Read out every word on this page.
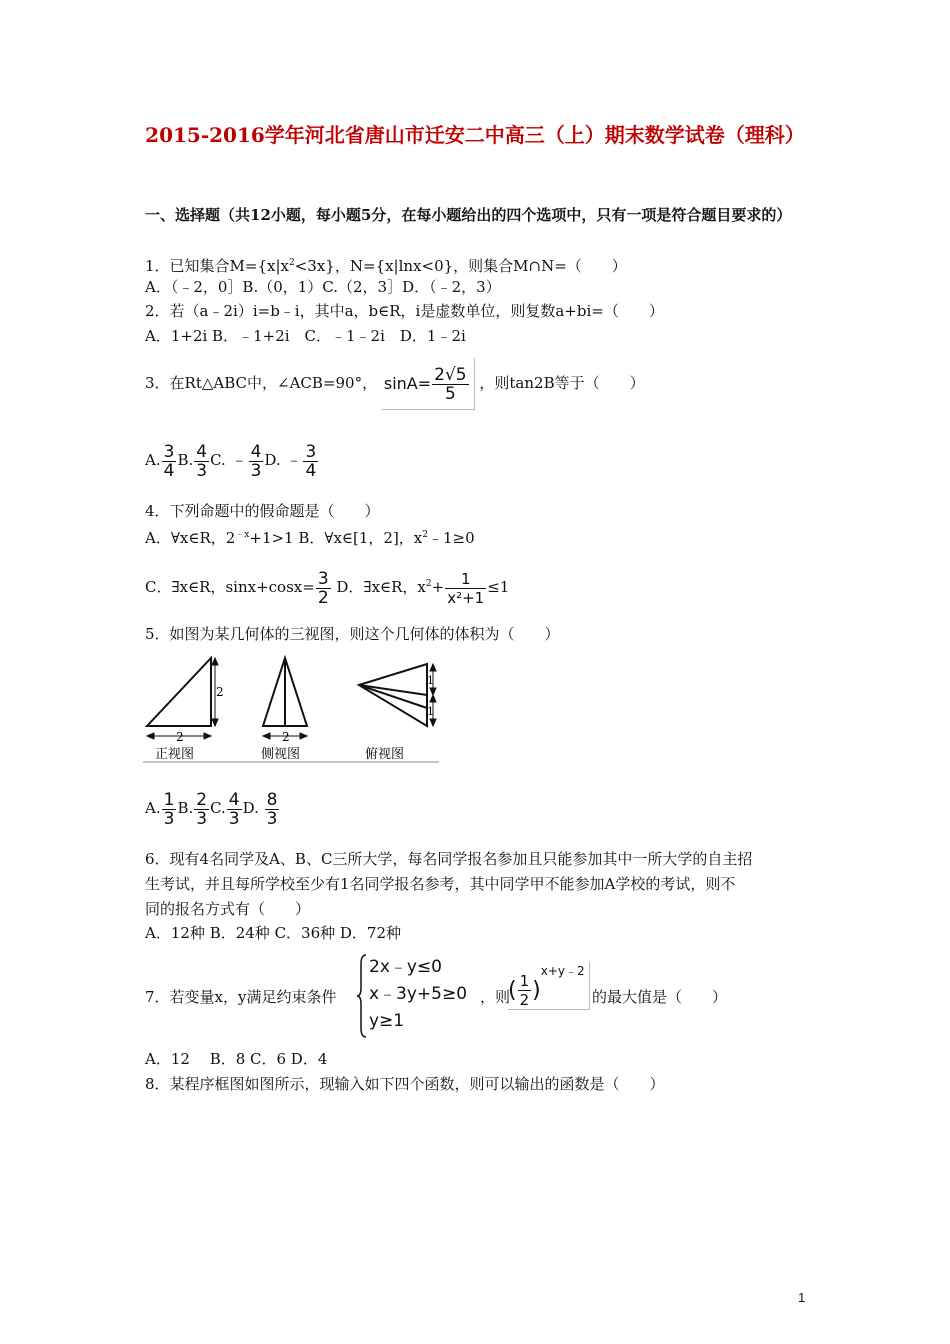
2015-2016学年河北省唐山市迁安二中高三（上）期末数学试卷（理科）
一、选择题（共12小题，每小题5分，在每小题给出的四个选项中，只有一项是符合题目要求的）
1．已知集合$M=\{x|x^2<3x\}$，N={x|lnx<0}，则集合M∩N=（　　）
A．（﹣2，0］B.（0，1）C.（2，3］D．（﹣2，3）
2．若（a﹣2i）i=b﹣i，其中a，b∈R，i是虚数单位，则复数a+bi=（　　）
A．1+2i B．﹣1+2i　C．﹣1﹣2i　D．1﹣2i
3．在Rt△ABC中，∠ACB=90°， $\sin A= \frac{2√5}{5}$ ，则tan2B等于（　　）
A. $\frac{3}{4} B$. $\frac{4}{3} C$. ﹣ $\frac{4}{3} D$. ﹣ $\frac{3}{4}$
4．下列命题中的假命题是（　　）
A．∀x∈R，$2^{﹣x}+1>1$ B．∀x∈[1，2]，$x^2﹣1\ge 0$
C．∃x∈R，$\sin x+\cos x= \frac{3}{2}$ D．∃x∈R，$x^2+ \frac{1}{\text{x²+1}} \le 1$
5．如图为某几何体的三视图，则这个几何体的体积为（　　）
2
2	2
1
1
正视图	侧视图	俯视图
A. $\frac{1}{3} B$. $\frac{2}{3} C$. $\frac{4}{3} D$. $\frac{8}{3}$
6．现有4名同学及A、B、C三所大学，每名同学报名参加且只能参加其中一所大学的自主招
生考试，并且每所学校至少有1名同学报名参考，其中同学甲不能参加A学校的考试，则不
同的报名方式有（　　）
A．12种 B．24种 C．36种 D．72种
7．若变量x，y满足约束条件
2x﹣y≤0
x﹣3y+5≥0
y≥1
，则
( $\frac{1}{2} )^{x+y﹣2}$
的最大值是（　　）
A．12　 B．8 C．6 D．4
8．某程序框图如图所示，现输入如下四个函数，则可以输出的函数是（　　）
1
